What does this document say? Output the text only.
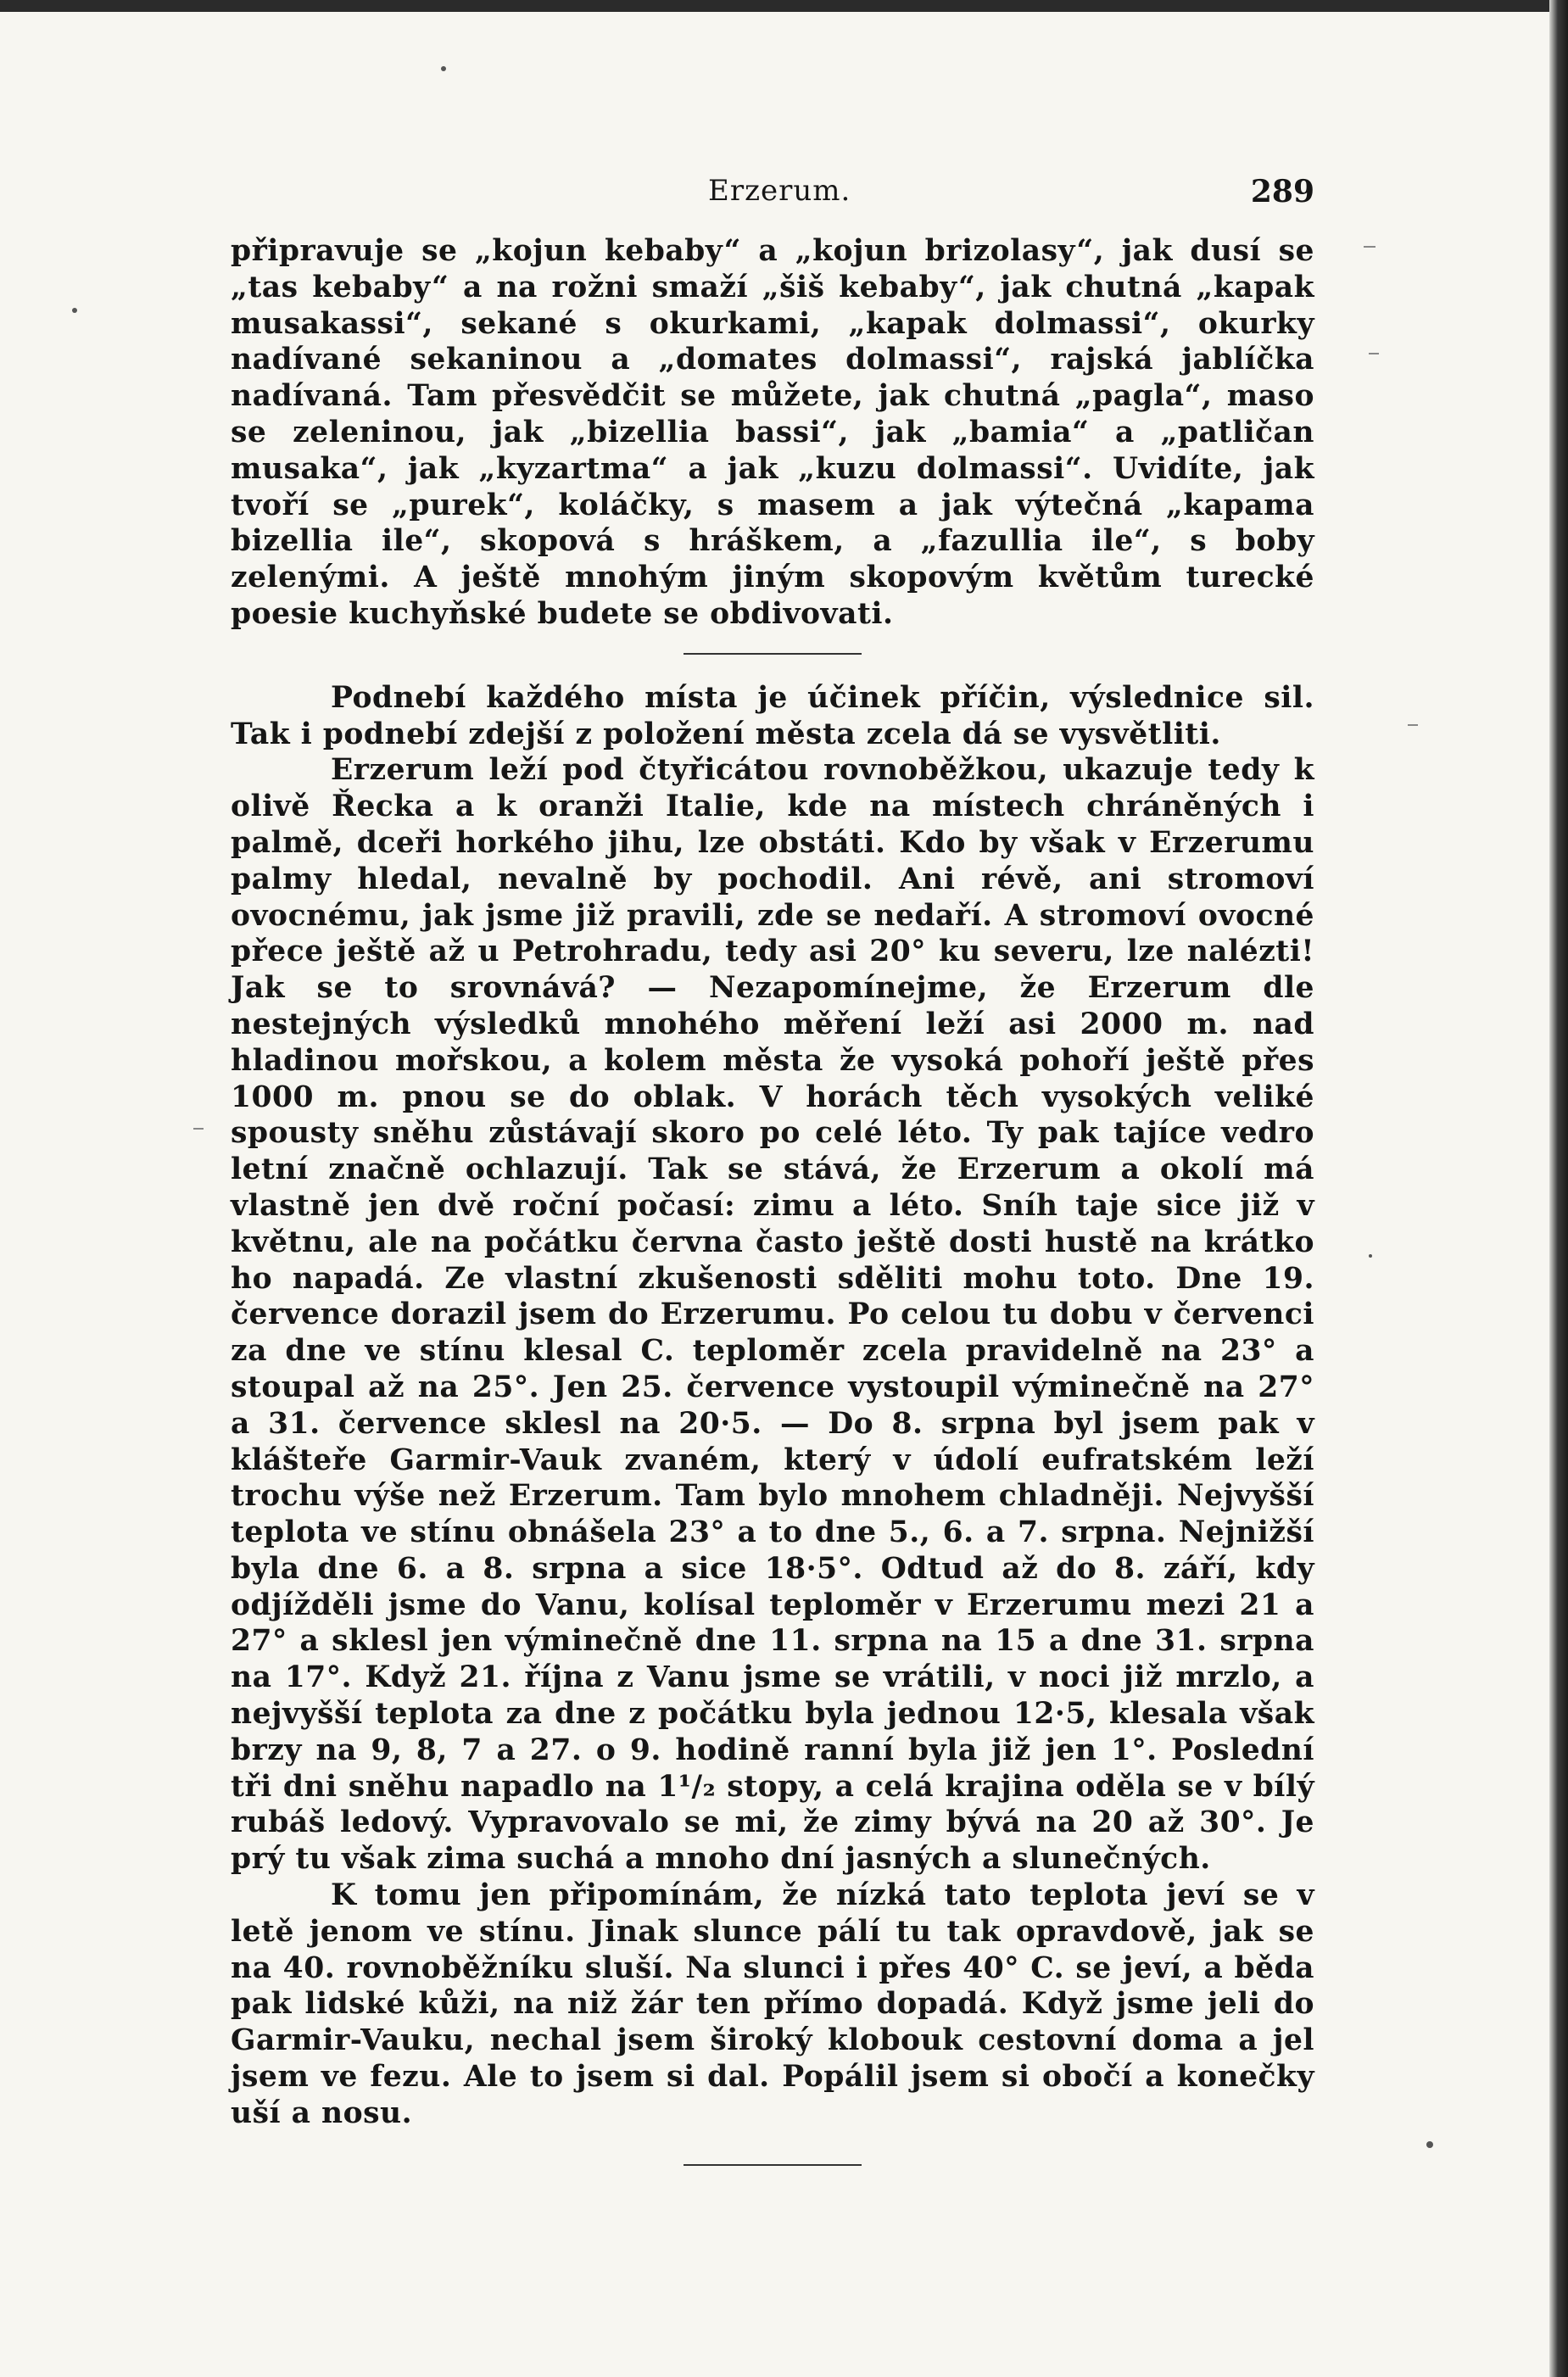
Erzerum.	289

připravuje se „kojun kebaby“ a „kojun brizolasy“, jak dusí se „tas kebaby“ a na rožni smaží „šiš kebaby“, jak chutná „kapak musakassi“, sekané s okurkami, „kapak dolmassi“, okurky nadívané sekaninou a „domates dolmassi“, rajská jablíčka nadívaná. Tam přesvědčit se můžete, jak chutná „pagla“, maso se zeleninou, jak „bizellia bassi“, jak „bamia“ a „patličan musaka“, jak „kyzartma“ a jak „kuzu dolmassi“. Uvidíte, jak tvoří se „purek“, koláčky, s masem a jak výtečná „kapama bizellia ile“, skopová s hráškem, a „fazullia ile“, s boby zelenými. A ještě mnohým jiným skopovým květům turecké poesie kuchyňské budete se obdivovati.

Podnebí každého místa je účinek příčin, výslednice sil. Tak i podnebí zdejší z položení města zcela dá se vysvětliti.

Erzerum leží pod čtyřicátou rovnoběžkou, ukazuje tedy k olivě Řecka a k oranži Italie, kde na místech chráněných i palmě, dceři horkého jihu, lze obstáti. Kdo by však v Erzerumu palmy hledal, nevalně by pochodil. Ani révě, ani stromoví ovocnému, jak jsme již pravili, zde se nedaří. A stromoví ovocné přece ještě až u Petrohradu, tedy asi 20° ku severu, lze nalézti! Jak se to srovnává? — Nezapomínejme, že Erzerum dle nestejných výsledků mnohého měření leží asi 2000 m. nad hladinou mořskou, a kolem města že vysoká pohoří ještě přes 1000 m. pnou se do oblak. V horách těch vysokých veliké spousty sněhu zůstávají skoro po celé léto. Ty pak tajíce vedro letní značně ochlazují. Tak se stává, že Erzerum a okolí má vlastně jen dvě roční počasí: zimu a léto. Sníh taje sice již v květnu, ale na počátku června často ještě dosti hustě na krátko ho napadá. Ze vlastní zkušenosti sděliti mohu toto. Dne 19. července dorazil jsem do Erzerumu. Po celou tu dobu v červenci za dne ve stínu klesal C. teploměr zcela pravidelně na 23° a stoupal až na 25°. Jen 25. července vystoupil výminečně na 27° a 31. července sklesl na 20·5. — Do 8. srpna byl jsem pak v klášteře Garmir-Vauk zvaném, který v údolí eufratském leží trochu výše než Erzerum. Tam bylo mnohem chladněji. Nejvyšší teplota ve stínu obnášela 23° a to dne 5., 6. a 7. srpna. Nejnižší byla dne 6. a 8. srpna a sice 18·5°. Odtud až do 8. září, kdy odjížděli jsme do Vanu, kolísal teploměr v Erzerumu mezi 21 a 27° a sklesl jen výminečně dne 11. srpna na 15 a dne 31. srpna na 17°. Když 21. října z Vanu jsme se vrátili, v noci již mrzlo, a nejvyšší teplota za dne z počátku byla jednou 12·5, klesala však brzy na 9, 8, 7 a 27. o 9. hodině ranní byla již jen 1°. Poslední tři dni sněhu napadlo na 1¹/₂ stopy, a celá krajina oděla se v bílý rubáš ledový. Vypravovalo se mi, že zimy bývá na 20 až 30°. Je prý tu však zima suchá a mnoho dní jasných a slunečných.

K tomu jen připomínám, že nízká tato teplota jeví se v letě jenom ve stínu. Jinak slunce pálí tu tak opravdově, jak se na 40. rovnoběžníku sluší. Na slunci i přes 40° C. se jeví, a běda pak lidské kůži, na niž žár ten přímo dopadá. Když jsme jeli do Garmir-Vauku, nechal jsem široký klobouk cestovní doma a jel jsem ve fezu. Ale to jsem si dal. Popálil jsem si obočí a konečky uší a nosu.
